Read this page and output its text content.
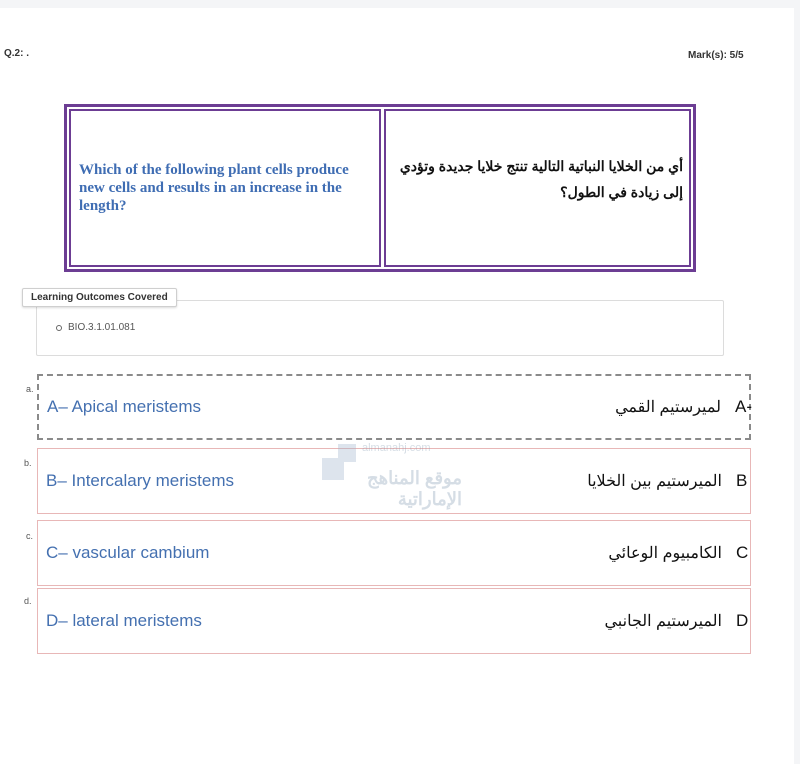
Q.2: .	Mark(s): 5/5
Which of the following plant cells produce new cells and results in an increase in the length?
أي من الخلايا النباتية التالية تنتج خلايا جديدة وتؤدي إلى زيادة في الطول؟
Learning Outcomes Covered
BIO.3.1.01.081
a.
A– Apical meristems	لميرستيم القمي A-
b.
B– Intercalary meristems	الميرستيم بين الخلايا B
c.
C– vascular cambium	الكامبيوم الوعائي C
d.
D– lateral meristems	الميرستيم الجانبي D
almanahj.com
موقع المناهج الإماراتية
